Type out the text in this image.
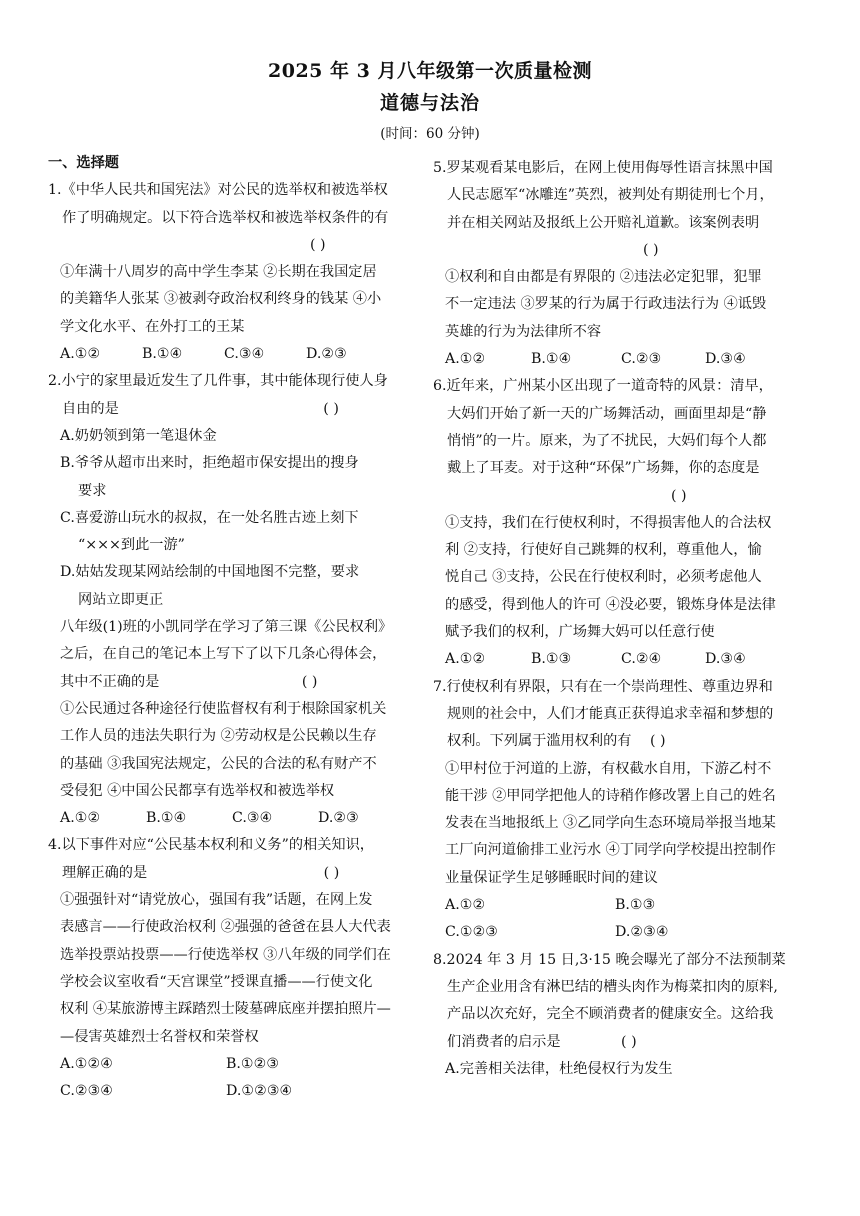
2025 年 3 月八年级第一次质量检测
道德与法治
(时间：60 分钟)
一、选择题
1.《中华人民共和国宪法》对公民的选举权和被选举权
作了明确规定。以下符合选举权和被选举权条件的有
( )
①年满十八周岁的高中学生李某 ②长期在我国定居
的美籍华人张某 ③被剥夺政治权利终身的钱某 ④小
学文化水平、在外打工的王某
A.①②	B.①④	C.③④	D.②③
2.小宁的家里最近发生了几件事，其中能体现行使人身
自由的是	( )
A.奶奶领到第一笔退休金
B.爷爷从超市出来时，拒绝超市保安提出的搜身
要求
C.喜爱游山玩水的叔叔，在一处名胜古迹上刻下
“×××到此一游”
D.姑姑发现某网站绘制的中国地图不完整，要求
网站立即更正
八年级(1)班的小凯同学在学习了第三课《公民权利》
之后，在自己的笔记本上写下了以下几条心得体会，
其中不正确的是	( )
①公民通过各种途径行使监督权有利于根除国家机关
工作人员的违法失职行为 ②劳动权是公民赖以生存
的基础 ③我国宪法规定，公民的合法的私有财产不
受侵犯 ④中国公民都享有选举权和被选举权
A.①②	B.①④	C.③④	D.②③
4.以下事件对应“公民基本权利和义务”的相关知识，
理解正确的是	( )
①强强针对“请党放心，强国有我”话题，在网上发
表感言——行使政治权利 ②强强的爸爸在县人大代表
选举投票站投票——行使选举权 ③八年级的同学们在
学校会议室收看“天宫课堂”授课直播——行使文化
权利 ④某旅游博主踩踏烈士陵墓碑底座并摆拍照片—
—侵害英雄烈士名誉权和荣誉权
A.①②④	B.①②③
C.②③④	D.①②③④
5.罗某观看某电影后，在网上使用侮辱性语言抹黑中国
人民志愿军“冰雕连”英烈，被判处有期徒刑七个月，
并在相关网站及报纸上公开赔礼道歉。该案例表明
( )
①权利和自由都是有界限的 ②违法必定犯罪，犯罪
不一定违法 ③罗某的行为属于行政违法行为 ④诋毁
英雄的行为为法律所不容
A.①②	B.①④	C.②③	D.③④
6.近年来，广州某小区出现了一道奇特的风景：清早，
大妈们开始了新一天的广场舞活动，画面里却是“静
悄悄”的一片。原来，为了不扰民，大妈们每个人都
戴上了耳麦。对于这种“环保”广场舞，你的态度是
( )
①支持，我们在行使权利时，不得损害他人的合法权
利 ②支持，行使好自己跳舞的权利，尊重他人，愉
悦自己 ③支持，公民在行使权利时，必须考虑他人
的感受，得到他人的许可 ④没必要，锻炼身体是法律
赋予我们的权利，广场舞大妈可以任意行使
A.①②	B.①③	C.②④	D.③④
7.行使权利有界限，只有在一个崇尚理性、尊重边界和
规则的社会中，人们才能真正获得追求幸福和梦想的
权利。下列属于滥用权利的有 ( )
①甲村位于河道的上游，有权截水自用，下游乙村不
能干涉 ②甲同学把他人的诗稍作修改署上自己的姓名
发表在当地报纸上 ③乙同学向生态环境局举报当地某
工厂向河道偷排工业污水 ④丁同学向学校提出控制作
业量保证学生足够睡眠时间的建议
A.①②	B.①③
C.①②③	D.②③④
8.2024 年 3 月 15 日,3·15 晚会曝光了部分不法预制菜
生产企业用含有淋巴结的槽头肉作为梅菜扣肉的原料,
产品以次充好，完全不顾消费者的健康安全。这给我
们消费者的启示是	( )
A.完善相关法律，杜绝侵权行为发生
